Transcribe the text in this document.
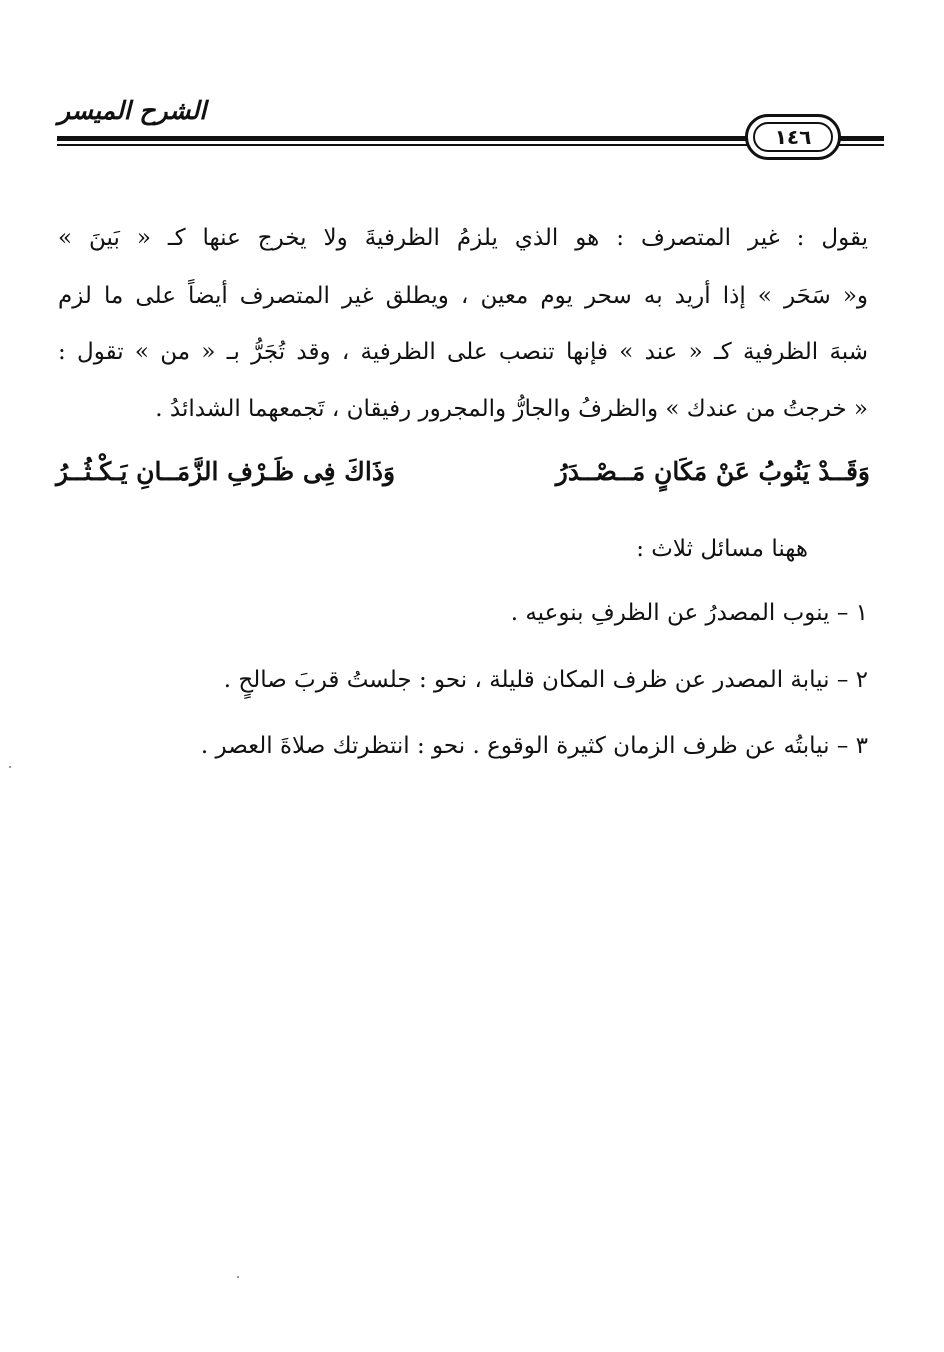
الشرح الميسر
١٤٦
يقول : غير المتصرف : هو الذي يلزمُ الظرفيةَ ولا يخرج عنها كـ « بَينَ »
و« سَحَر » إذا أريد به سحر يوم معين ، ويطلق غير المتصرف أيضاً على ما لزم
شبهَ الظرفية كـ « عند » فإنها تنصب على الظرفية ، وقد تُجَرُّ بـ « من » تقول :
« خرجتُ من عندك » والظرفُ والجارُّ والمجرور رفيقان ، تَجمعهما الشدائدُ .
وَقَــدْ يَنُوبُ عَنْ مَكَانٍ مَــصْــدَرُ
وَذَاكَ فِى ظَـرْفِ الزَّمَــانِ يَـكْـثُــرُ
ههنا مسائل ثلاث :
١ – ينوب المصدرُ عن الظرفِ بنوعيه .
٢ – نيابة المصدر عن ظرف المكان قليلة ، نحو : جلستُ قربَ صالحٍ .
٣ – نيابتُه عن ظرف الزمان كثيرة الوقوع . نحو : انتظرتك صلاةَ العصر .
